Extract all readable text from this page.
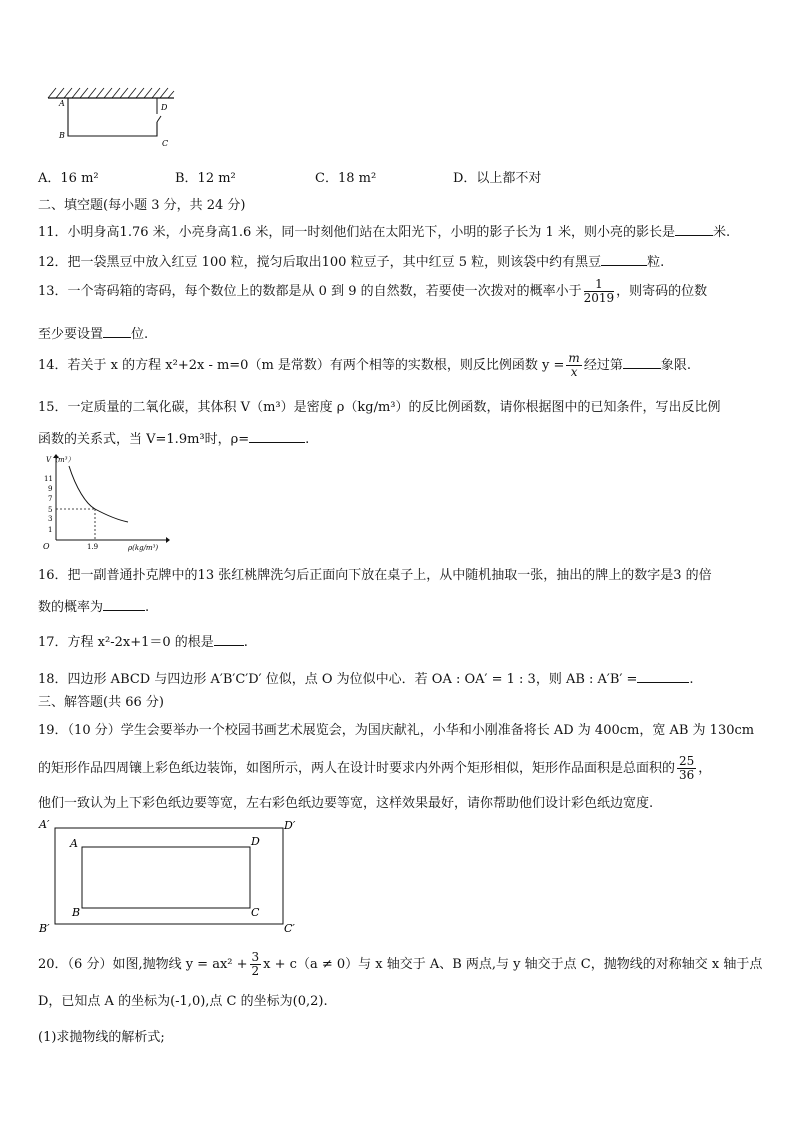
A	D
B
C
A．16 m²	B．12 m²	C．18 m²	D．以上都不对
二、填空题(每小题 3 分，共 24 分)
11．小明身高1.76 米，小亮身高1.6 米，同一时刻他们站在太阳光下，小明的影子长为 1 米，则小亮的影长是	米.
12．把一袋黑豆中放入红豆 100 粒，搅匀后取出100 粒豆子，其中红豆 5 粒，则该袋中约有黑豆	粒.
13．一个寄码箱的寄码，每个数位上的数都是从 0 到 9 的自然数，若要使一次拨对的概率小于 $\frac{1}{2019}$ ，则寄码的位数
至少要设置 位.
14．若关于 x 的方程 x²+2x - m=0（m 是常数）有两个相等的实数根，则反比例函数 $y = \frac{m}{x}$ 经过第	象限.
15．一定质量的二氧化碳，其体积 V（m³）是密度 ρ（kg/m³）的反比例函数，请你根据图中的已知条件，写出反比例
函数的关系式，当 V=1.9m³时，ρ=	.
V（m³）
ρ(kg/m³)
O
11
9
7
5
3
1
1.9
16．把一副普通扑克牌中的13 张红桃牌洗匀后正面向下放在桌子上，从中随机抽取一张，抽出的牌上的数字是3 的倍
数的概率为	.
17．方程 x²-2x+1＝0 的根是 .
18．四边形 ABCD 与四边形 A′B′C′D′ 位似，点 O 为位似中心．若 OA : OA′ = 1 : 3，则 AB : A′B′ =	.
三、解答题(共 66 分)
19．（10 分）学生会要举办一个校园书画艺术展览会，为国庆献礼，小华和小刚准备将长 AD 为 400cm，宽 AB 为 130cm
的矩形作品四周镶上彩色纸边装饰，如图所示，两人在设计时要求内外两个矩形相似，矩形作品面积是总面积的 $\frac{25}{36}$ ，
他们一致认为上下彩色纸边要等宽，左右彩色纸边要等宽，这样效果最好，请你帮助他们设计彩色纸边宽度.
A′	D′
B′	C′
A	D
B	C
20．（6 分）如图,抛物线 $y = ax^2 + \frac{3}{2}$ x + c（a ≠ 0）与 x 轴交于 A、B 两点,与 y 轴交于点 C，抛物线的对称轴交 x 轴于点
D，已知点 A 的坐标为(-1,0),点 C 的坐标为(0,2).
(1)求抛物线的解析式;
